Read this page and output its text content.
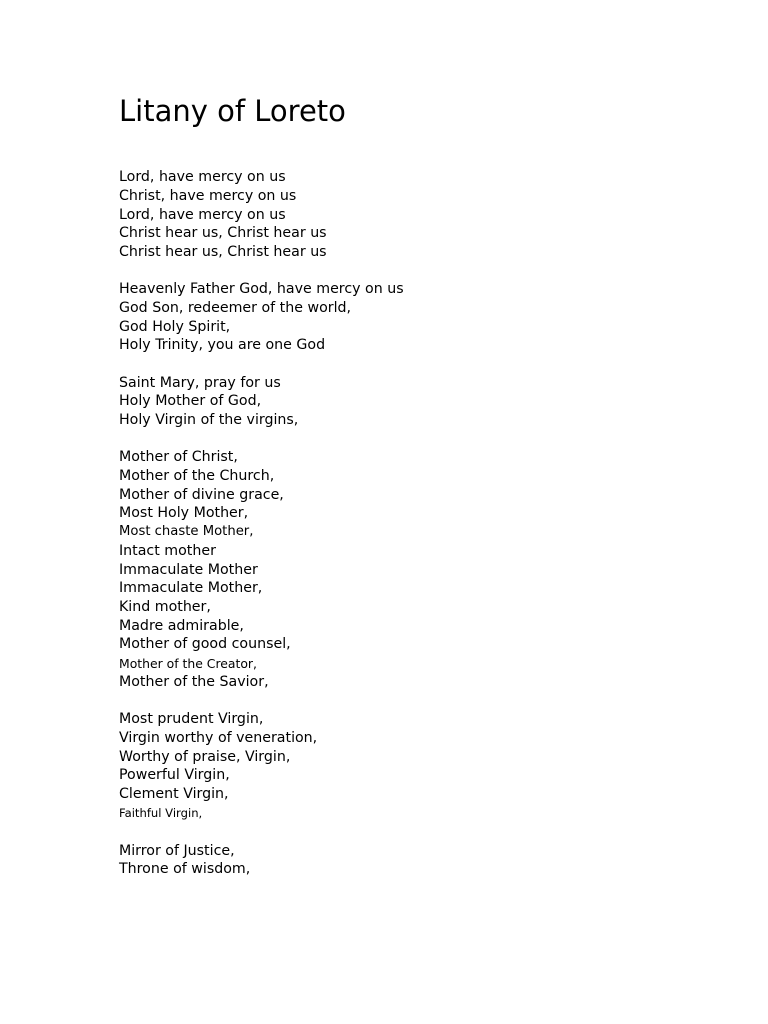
Litany of Loreto
Lord, have mercy on us
Christ, have mercy on us
Lord, have mercy on us
Christ hear us, Christ hear us
Christ hear us, Christ hear us
Heavenly Father God, have mercy on us
God Son, redeemer of the world,
God Holy Spirit,
Holy Trinity, you are one God
Saint Mary, pray for us
Holy Mother of God,
Holy Virgin of the virgins,
Mother of Christ,
Mother of the Church,
Mother of divine grace,
Most Holy Mother,
Most chaste Mother,
Intact mother
Immaculate Mother
Immaculate Mother,
Kind mother,
Madre admirable,
Mother of good counsel,
Mother of the Creator,
Mother of the Savior,
Most prudent Virgin,
Virgin worthy of veneration,
Worthy of praise, Virgin,
Powerful Virgin,
Clement Virgin,
Faithful Virgin,
Mirror of Justice,
Throne of wisdom,
